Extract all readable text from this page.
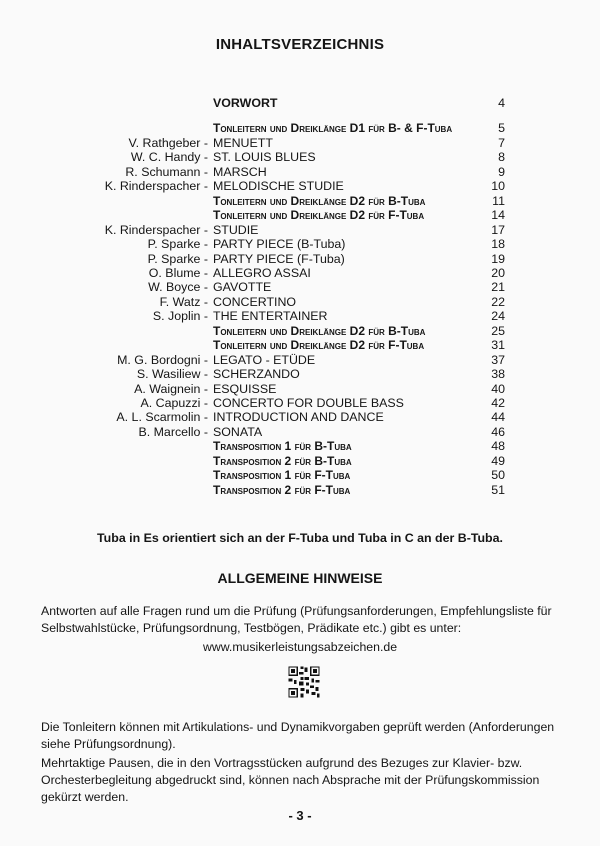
INHALTSVERZEICHNIS
VORWORT	4
Tonleitern und Dreiklänge D1 für B- & F-Tuba	5
V. Rathgeber - MENUETT	7
W. C. Handy - ST. LOUIS BLUES	8
R. Schumann - MARSCH	9
K. Rinderspacher - MELODISCHE STUDIE	10
Tonleitern und Dreiklänge D2 für B-Tuba	11
Tonleitern und Dreiklänge D2 für F-Tuba	14
K. Rinderspacher - STUDIE	17
P. Sparke - PARTY PIECE (B-Tuba)	18
P. Sparke - PARTY PIECE (F-Tuba)	19
O. Blume - ALLEGRO ASSAI	20
W. Boyce - GAVOTTE	21
F. Watz - CONCERTINO	22
S. Joplin - THE ENTERTAINER	24
Tonleitern und Dreiklänge D2 für B-Tuba	25
Tonleitern und Dreiklänge D2 für F-Tuba	31
M. G. Bordogni - LEGATO - ETÜDE	37
S. Wasiliew - SCHERZANDO	38
A. Waignein - ESQUISSE	40
A. Capuzzi - CONCERTO FOR DOUBLE BASS	42
A. L. Scarmolin - INTRODUCTION AND DANCE	44
B. Marcello - SONATA	46
Transposition 1 für B-Tuba	48
Transposition 2 für B-Tuba	49
Transposition 1 für F-Tuba	50
Transposition 2 für F-Tuba	51
Tuba in Es orientiert sich an der F-Tuba und Tuba in C an der B-Tuba.
ALLGEMEINE HINWEISE
Antworten auf alle Fragen rund um die Prüfung (Prüfungsanforderungen, Empfehlungsliste für Selbstwahlstücke, Prüfungsordnung, Testbögen, Prädikate etc.) gibt es unter:
www.musikerleistungsabzeichen.de
Die Tonleitern können mit Artikulations- und Dynamikvorgaben geprüft werden (Anforderungen siehe Prüfungsordnung).
Mehrtaktige Pausen, die in den Vortragsstücken aufgrund des Bezuges zur Klavier- bzw. Orchesterbegleitung abgedruckt sind, können nach Absprache mit der Prüfungskommission gekürzt werden.
- 3 -
